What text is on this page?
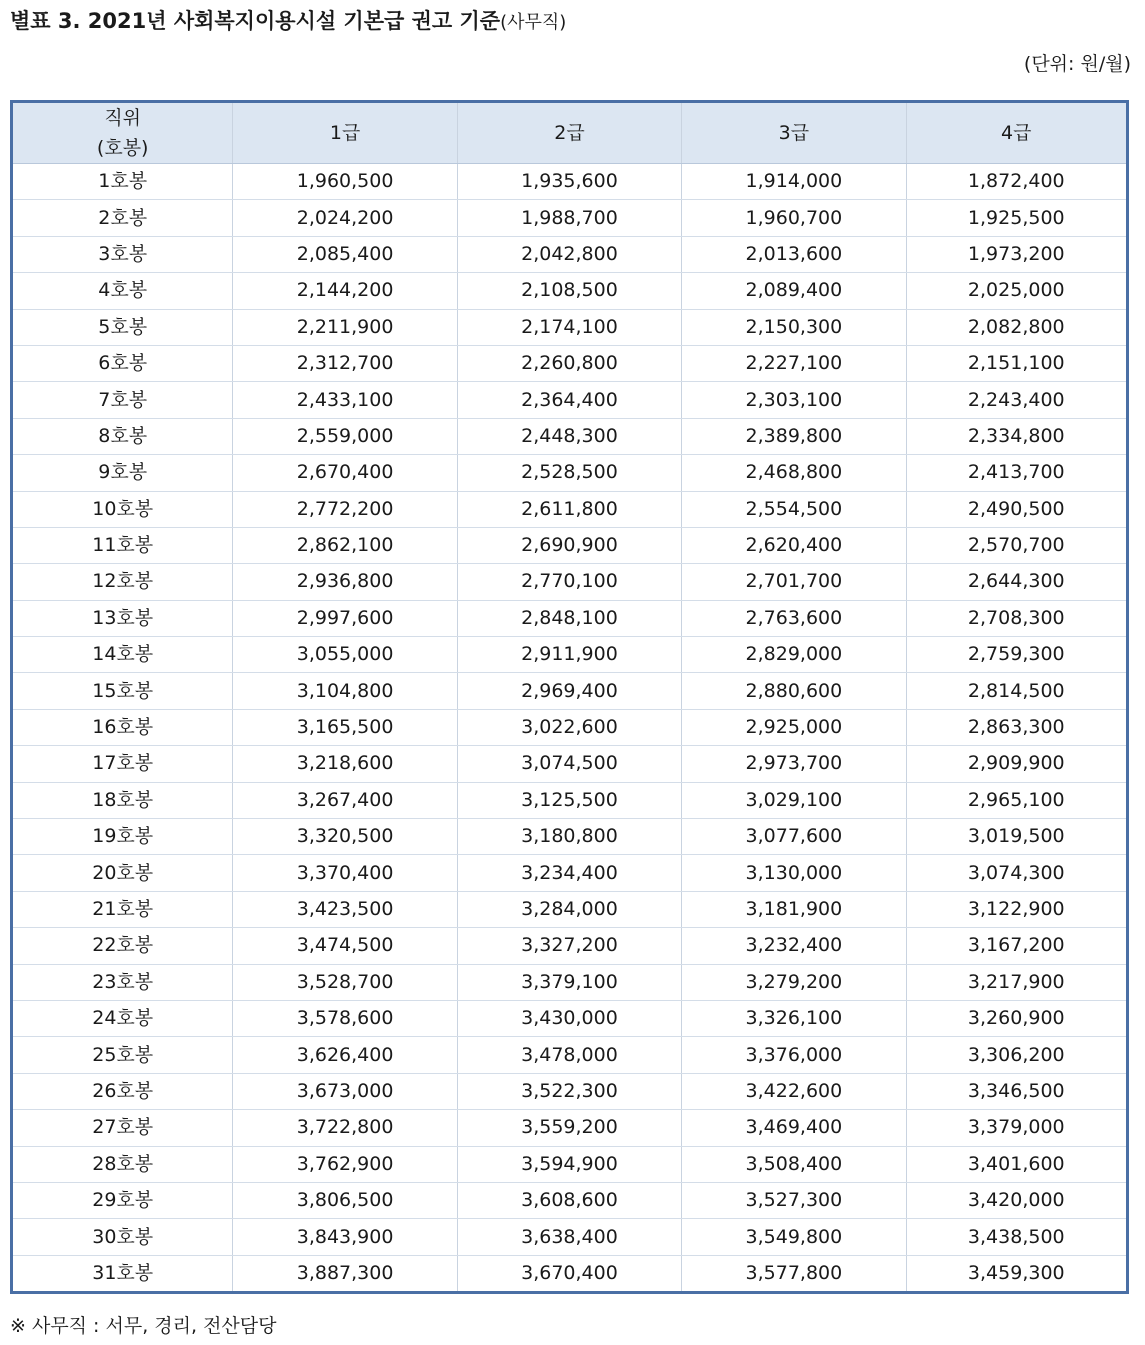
별표 3. 2021년 사회복지이용시설 기본급 권고 기준(사무직)
(단위: 원/월)
직위
(호봉)	1급	2급	3급	4급
1호봉	1,960,500	1,935,600	1,914,000	1,872,400
2호봉	2,024,200	1,988,700	1,960,700	1,925,500
3호봉	2,085,400	2,042,800	2,013,600	1,973,200
4호봉	2,144,200	2,108,500	2,089,400	2,025,000
5호봉	2,211,900	2,174,100	2,150,300	2,082,800
6호봉	2,312,700	2,260,800	2,227,100	2,151,100
7호봉	2,433,100	2,364,400	2,303,100	2,243,400
8호봉	2,559,000	2,448,300	2,389,800	2,334,800
9호봉	2,670,400	2,528,500	2,468,800	2,413,700
10호봉	2,772,200	2,611,800	2,554,500	2,490,500
11호봉	2,862,100	2,690,900	2,620,400	2,570,700
12호봉	2,936,800	2,770,100	2,701,700	2,644,300
13호봉	2,997,600	2,848,100	2,763,600	2,708,300
14호봉	3,055,000	2,911,900	2,829,000	2,759,300
15호봉	3,104,800	2,969,400	2,880,600	2,814,500
16호봉	3,165,500	3,022,600	2,925,000	2,863,300
17호봉	3,218,600	3,074,500	2,973,700	2,909,900
18호봉	3,267,400	3,125,500	3,029,100	2,965,100
19호봉	3,320,500	3,180,800	3,077,600	3,019,500
20호봉	3,370,400	3,234,400	3,130,000	3,074,300
21호봉	3,423,500	3,284,000	3,181,900	3,122,900
22호봉	3,474,500	3,327,200	3,232,400	3,167,200
23호봉	3,528,700	3,379,100	3,279,200	3,217,900
24호봉	3,578,600	3,430,000	3,326,100	3,260,900
25호봉	3,626,400	3,478,000	3,376,000	3,306,200
26호봉	3,673,000	3,522,300	3,422,600	3,346,500
27호봉	3,722,800	3,559,200	3,469,400	3,379,000
28호봉	3,762,900	3,594,900	3,508,400	3,401,600
29호봉	3,806,500	3,608,600	3,527,300	3,420,000
30호봉	3,843,900	3,638,400	3,549,800	3,438,500
31호봉	3,887,300	3,670,400	3,577,800	3,459,300
※ 사무직 : 서무, 경리, 전산담당
